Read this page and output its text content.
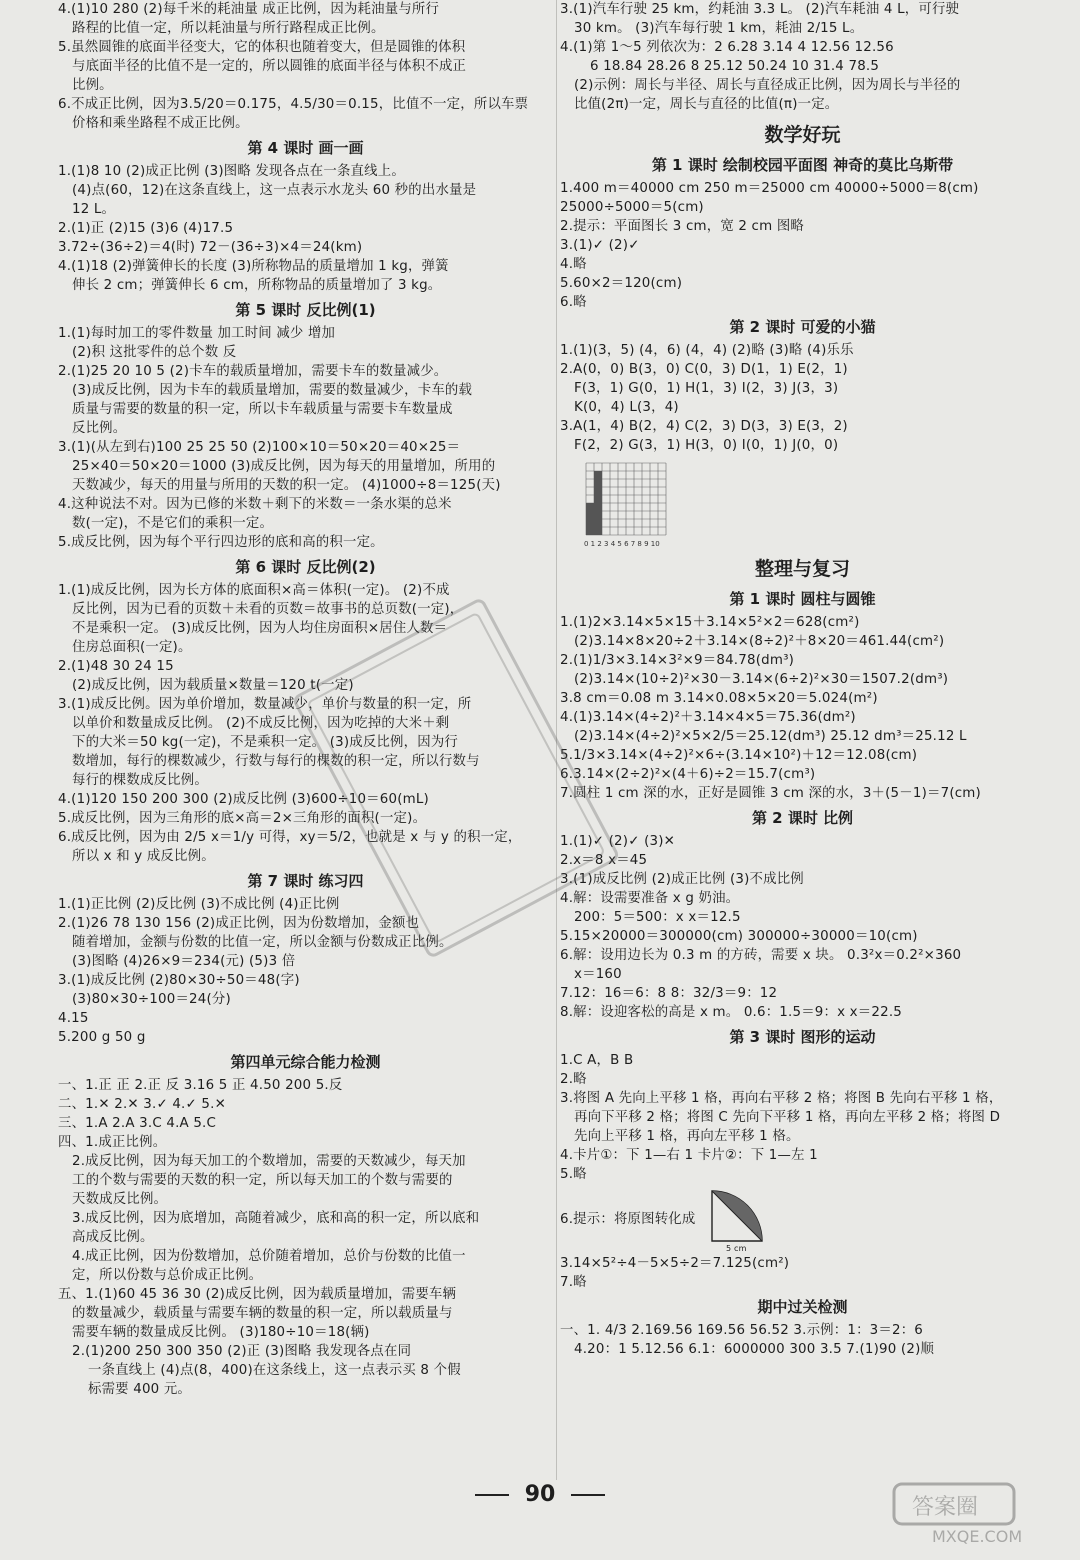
4.(1)10 280 (2)每千米的耗油量 成正比例，因为耗油量与所行
路程的比值一定，所以耗油量与所行路程成正比例。
5.虽然圆锥的底面半径变大，它的体积也随着变大，但是圆锥的体积
与底面半径的比值不是一定的，所以圆锥的底面半径与体积不成正
比例。
6.不成正比例，因为3.5/20＝0.175，4.5/30＝0.15，比值不一定，所以车票
价格和乘坐路程不成正比例。
第 4 课时 画一画
1.(1)8 10 (2)成正比例 (3)图略 发现各点在一条直线上。
(4)点(60，12)在这条直线上，这一点表示水龙头 60 秒的出水量是
12 L。
2.(1)正 (2)15 (3)6 (4)17.5
3.72÷(36÷2)＝4(时) 72－(36÷3)×4＝24(km)
4.(1)18 (2)弹簧伸长的长度 (3)所称物品的质量增加 1 kg，弹簧
伸长 2 cm；弹簧伸长 6 cm，所称物品的质量增加了 3 kg。
第 5 课时 反比例(1)
1.(1)每时加工的零件数量 加工时间 减少 增加
(2)积 这批零件的总个数 反
2.(1)25 20 10 5 (2)卡车的载质量增加，需要卡车的数量减少。
(3)成反比例，因为卡车的载质量增加，需要的数量减少，卡车的载
质量与需要的数量的积一定，所以卡车载质量与需要卡车数量成
反比例。
3.(1)(从左到右)100 25 25 50 (2)100×10＝50×20＝40×25＝
25×40＝50×20＝1000 (3)成反比例，因为每天的用量增加，所用的
天数减少，每天的用量与所用的天数的积一定。 (4)1000÷8＝125(天)
4.这种说法不对。因为已修的米数＋剩下的米数＝一条水渠的总米
数(一定)，不是它们的乘积一定。
5.成反比例，因为每个平行四边形的底和高的积一定。
第 6 课时 反比例(2)
1.(1)成反比例，因为长方体的底面积×高＝体积(一定)。 (2)不成
反比例，因为已看的页数＋未看的页数＝故事书的总页数(一定)，
不是乘积一定。 (3)成反比例，因为人均住房面积×居住人数＝
住房总面积(一定)。
2.(1)48 30 24 15
(2)成反比例，因为载质量×数量＝120 t(一定)
3.(1)成反比例。因为单价增加，数量减少，单价与数量的积一定，所
以单价和数量成反比例。 (2)不成反比例，因为吃掉的大米＋剩
下的大米＝50 kg(一定)，不是乘积一定。 (3)成反比例，因为行
数增加，每行的棵数减少，行数与每行的棵数的积一定，所以行数与
每行的棵数成反比例。
4.(1)120 150 200 300 (2)成反比例 (3)600÷10＝60(mL)
5.成反比例，因为三角形的底×高＝2×三角形的面积(一定)。
6.成反比例，因为由 2/5 x＝1/y 可得，xy＝5/2，也就是 x 与 y 的积一定，
所以 x 和 y 成反比例。
第 7 课时 练习四
1.(1)正比例 (2)反比例 (3)不成比例 (4)正比例
2.(1)26 78 130 156 (2)成正比例，因为份数增加，金额也
随着增加，金额与份数的比值一定，所以金额与份数成正比例。
(3)图略 (4)26×9＝234(元) (5)3 倍
3.(1)成反比例 (2)80×30÷50＝48(字)
(3)80×30÷100＝24(分)
4.15
5.200 g 50 g
第四单元综合能力检测
一、1.正 正 2.正 反 3.16 5 正 4.50 200 5.反
二、1.✕ 2.✕ 3.✓ 4.✓ 5.✕
三、1.A 2.A 3.C 4.A 5.C
四、1.成正比例。
2.成反比例，因为每天加工的个数增加，需要的天数减少，每天加
工的个数与需要的天数的积一定，所以每天加工的个数与需要的
天数成反比例。
3.成反比例，因为底增加，高随着减少，底和高的积一定，所以底和
高成反比例。
4.成正比例，因为份数增加，总价随着增加，总价与份数的比值一
定，所以份数与总价成正比例。
五、1.(1)60 45 36 30 (2)成反比例，因为载质量增加，需要车辆
的数量减少，载质量与需要车辆的数量的积一定，所以载质量与
需要车辆的数量成反比例。 (3)180÷10＝18(辆)
2.(1)200 250 300 350 (2)正 (3)图略 我发现各点在同
一条直线上 (4)点(8，400)在这条线上，这一点表示买 8 个假
标需要 400 元。
3.(1)汽车行驶 25 km，约耗油 3.3 L。 (2)汽车耗油 4 L，可行驶
30 km。 (3)汽车每行驶 1 km，耗油 2/15 L。
4.(1)第 1～5 列依次为：2 6.28 3.14 4 12.56 12.56
6 18.84 28.26 8 25.12 50.24 10 31.4 78.5
(2)示例：周长与半径、周长与直径成正比例，因为周长与半径的
比值(2π)一定，周长与直径的比值(π)一定。
数学好玩
第 1 课时 绘制校园平面图 神奇的莫比乌斯带
1.400 m＝40000 cm 250 m＝25000 cm 40000÷5000＝8(cm)
25000÷5000＝5(cm)
2.提示：平面图长 3 cm，宽 2 cm 图略
3.(1)✓ (2)✓
4.略
5.60×2＝120(cm)
6.略
第 2 课时 可爱的小猫
1.(1)(3，5) (4，6) (4，4) (2)略 (3)略 (4)乐乐
2.A(0，0) B(3，0) C(0，3) D(1，1) E(2，1)
F(3，1) G(0，1) H(1，3) I(2，3) J(3，3)
K(0，4) L(3，4)
3.A(1，4) B(2，4) C(2，3) D(3，3) E(3，2)
F(2，2) G(3，1) H(3，0) I(0，1) J(0，0)
0 1 2 3 4 5 6 7 8 9 10
整理与复习
第 1 课时 圆柱与圆锥
1.(1)2×3.14×5×15＋3.14×5²×2＝628(cm²)
(2)3.14×8×20÷2＋3.14×(8÷2)²＋8×20＝461.44(cm²)
2.(1)1/3×3.14×3²×9＝84.78(dm³)
(2)3.14×(10÷2)²×30－3.14×(6÷2)²×30＝1507.2(dm³)
3.8 cm＝0.08 m 3.14×0.08×5×20＝5.024(m²)
4.(1)3.14×(4÷2)²＋3.14×4×5＝75.36(dm²)
(2)3.14×(4÷2)²×5×2/5＝25.12(dm³) 25.12 dm³＝25.12 L
5.1/3×3.14×(4÷2)²×6÷(3.14×10²)＋12＝12.08(cm)
6.3.14×(2÷2)²×(4＋6)÷2＝15.7(cm³)
7.圆柱 1 cm 深的水，正好是圆锥 3 cm 深的水，3＋(5－1)＝7(cm)
第 2 课时 比例
1.(1)✓ (2)✓ (3)✕
2.x＝8 x＝45
3.(1)成反比例 (2)成正比例 (3)不成比例
4.解：设需要准备 x g 奶油。
200：5＝500：x x＝12.5
5.15×20000＝300000(cm) 300000÷30000＝10(cm)
6.解：设用边长为 0.3 m 的方砖，需要 x 块。 0.3²x＝0.2²×360
x＝160
7.12：16＝6：8 8：32/3＝9：12
8.解：设迎客松的高是 x m。 0.6：1.5＝9：x x＝22.5
第 3 课时 图形的运动
1.C A，B B
2.略
3.将图 A 先向上平移 1 格，再向右平移 2 格；将图 B 先向右平移 1 格，
再向下平移 2 格；将图 C 先向下平移 1 格，再向左平移 2 格；将图 D
先向上平移 1 格，再向左平移 1 格。
4.卡片①：下 1—右 1 卡片②：下 1—左 1
5.略
6.提示：将原图转化成
5 cm
3.14×5²÷4－5×5÷2＝7.125(cm²)
7.略
期中过关检测
一、1. 4/3 2.169.56 169.56 56.52 3.示例：1：3＝2：6
4.20：1 5.12.56 6.1：6000000 300 3.5 7.(1)90 (2)顺
90
答案圈
MXQE.COM
